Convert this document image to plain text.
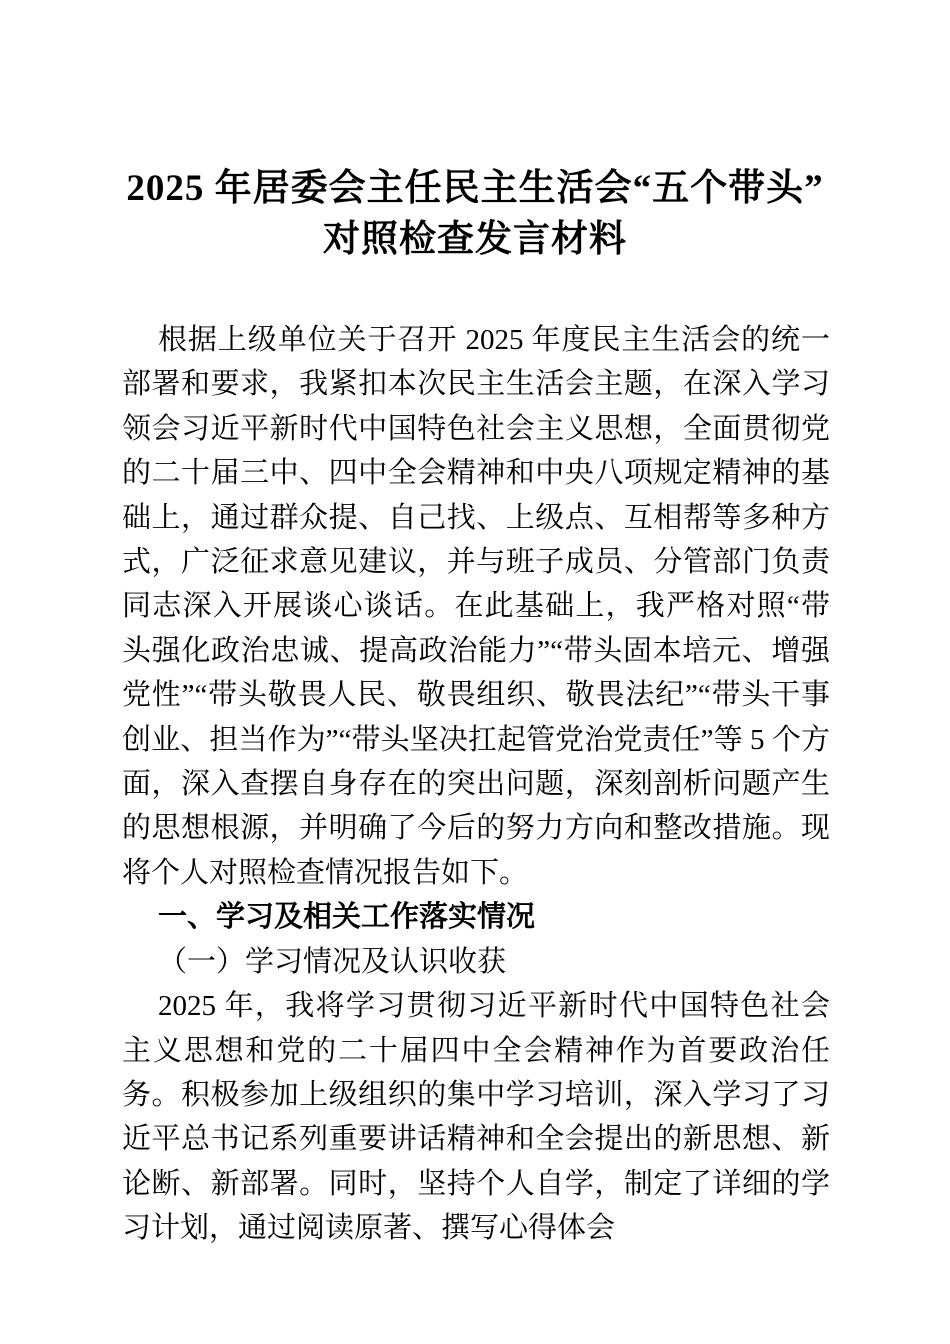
2025 年居委会主任民主生活会“五个带头”
对照检查发言材料

根据上级单位关于召开 2025 年度民主生活会的统一部署和要求，我紧扣本次民主生活会主题，在深入学习领会习近平新时代中国特色社会主义思想，全面贯彻党的二十届三中、四中全会精神和中央八项规定精神的基础上，通过群众提、自己找、上级点、互相帮等多种方式，广泛征求意见建议，并与班子成员、分管部门负责同志深入开展谈心谈话。在此基础上，我严格对照“带头强化政治忠诚、提高政治能力”“带头固本培元、增强党性”“带头敬畏人民、敬畏组织、敬畏法纪”“带头干事创业、担当作为”“带头坚决扛起管党治党责任”等 5 个方面，深入查摆自身存在的突出问题，深刻剖析问题产生的思想根源，并明确了今后的努力方向和整改措施。现将个人对照检查情况报告如下。

一、学习及相关工作落实情况
（一）学习情况及认识收获

2025 年，我将学习贯彻习近平新时代中国特色社会主义思想和党的二十届四中全会精神作为首要政治任务。积极参加上级组织的集中学习培训，深入学习了习近平总书记系列重要讲话精神和全会提出的新思想、新论断、新部署。同时，坚持个人自学，制定了详细的学习计划，通过阅读原著、撰写心得体会
